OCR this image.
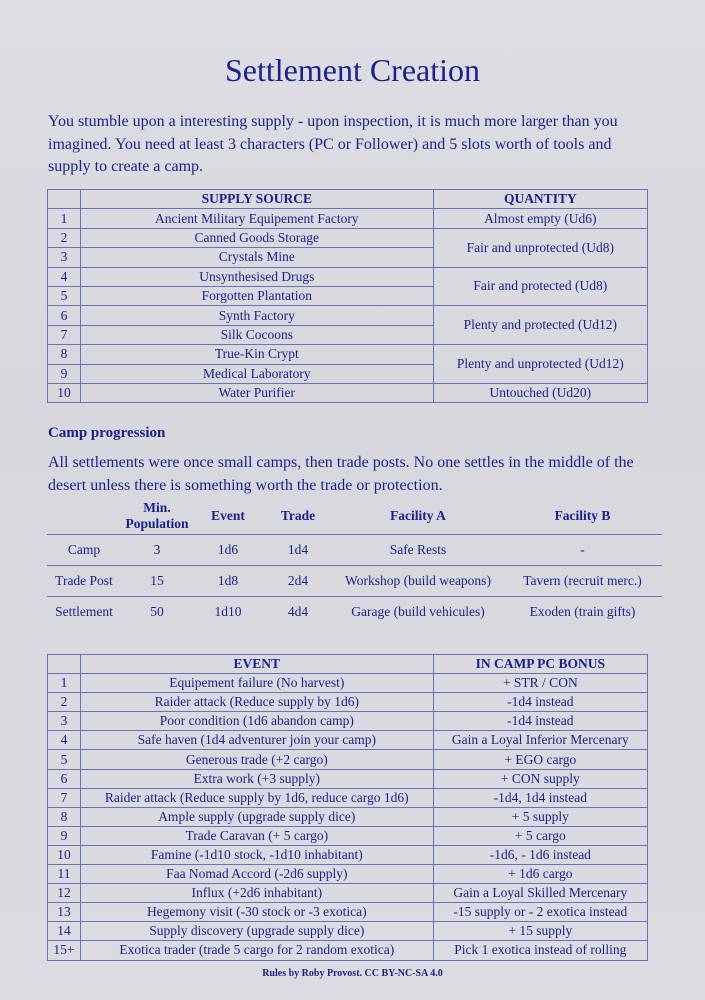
Settlement Creation
You stumble upon a interesting supply - upon inspection, it is much more larger than you imagined. You need at least 3 characters (PC or Follower) and 5 slots worth of tools and supply to create a camp.
	SUPPLY SOURCE	QUANTITY
1	Ancient Military Equipement Factory	Almost empty (Ud6)
2	Canned Goods Storage	Fair and unprotected (Ud8)
3	Crystals Mine	
4	Unsynthesised Drugs	Fair and protected (Ud8)
5	Forgotten Plantation	
6	Synth Factory	Plenty and protected (Ud12)
7	Silk Cocoons	
8	True-Kin Crypt	Plenty and unprotected (Ud12)
9	Medical Laboratory	
10	Water Purifier	Untouched (Ud20)
Camp progression
All settlements were once small camps, then trade posts. No one settles in the middle of the desert unless there is something worth the trade or protection.
	Min. Population	Event	Trade	Facility A	Facility B
Camp	3	1d6	1d4	Safe Rests	-
Trade Post	15	1d8	2d4	Workshop (build weapons)	Tavern (recruit merc.)
Settlement	50	1d10	4d4	Garage (build vehicules)	Exoden (train gifts)
	EVENT	IN CAMP PC BONUS
1	Equipement failure (No harvest)	+ STR / CON
2	Raider attack (Reduce supply by 1d6)	-1d4 instead
3	Poor condition (1d6 abandon camp)	-1d4 instead
4	Safe haven (1d4 adventurer join your camp)	Gain a Loyal Inferior Mercenary
5	Generous trade (+2 cargo)	+ EGO cargo
6	Extra work (+3 supply)	+ CON supply
7	Raider attack (Reduce supply by 1d6, reduce cargo 1d6)	-1d4, 1d4 instead
8	Ample supply (upgrade supply dice)	+ 5 supply
9	Trade Caravan (+ 5 cargo)	+ 5 cargo
10	Famine (-1d10 stock, -1d10 inhabitant)	-1d6, - 1d6 instead
11	Faa Nomad Accord (-2d6 supply)	+ 1d6 cargo
12	Influx (+2d6 inhabitant)	Gain a Loyal Skilled Mercenary
13	Hegemony visit (-30 stock or -3 exotica)	-15 supply or - 2 exotica instead
14	Supply discovery (upgrade supply dice)	+ 15 supply
15+	Exotica trader (trade 5 cargo for 2 random exotica)	Pick 1 exotica instead of rolling
Rules by Roby Provost. CC BY-NC-SA 4.0
